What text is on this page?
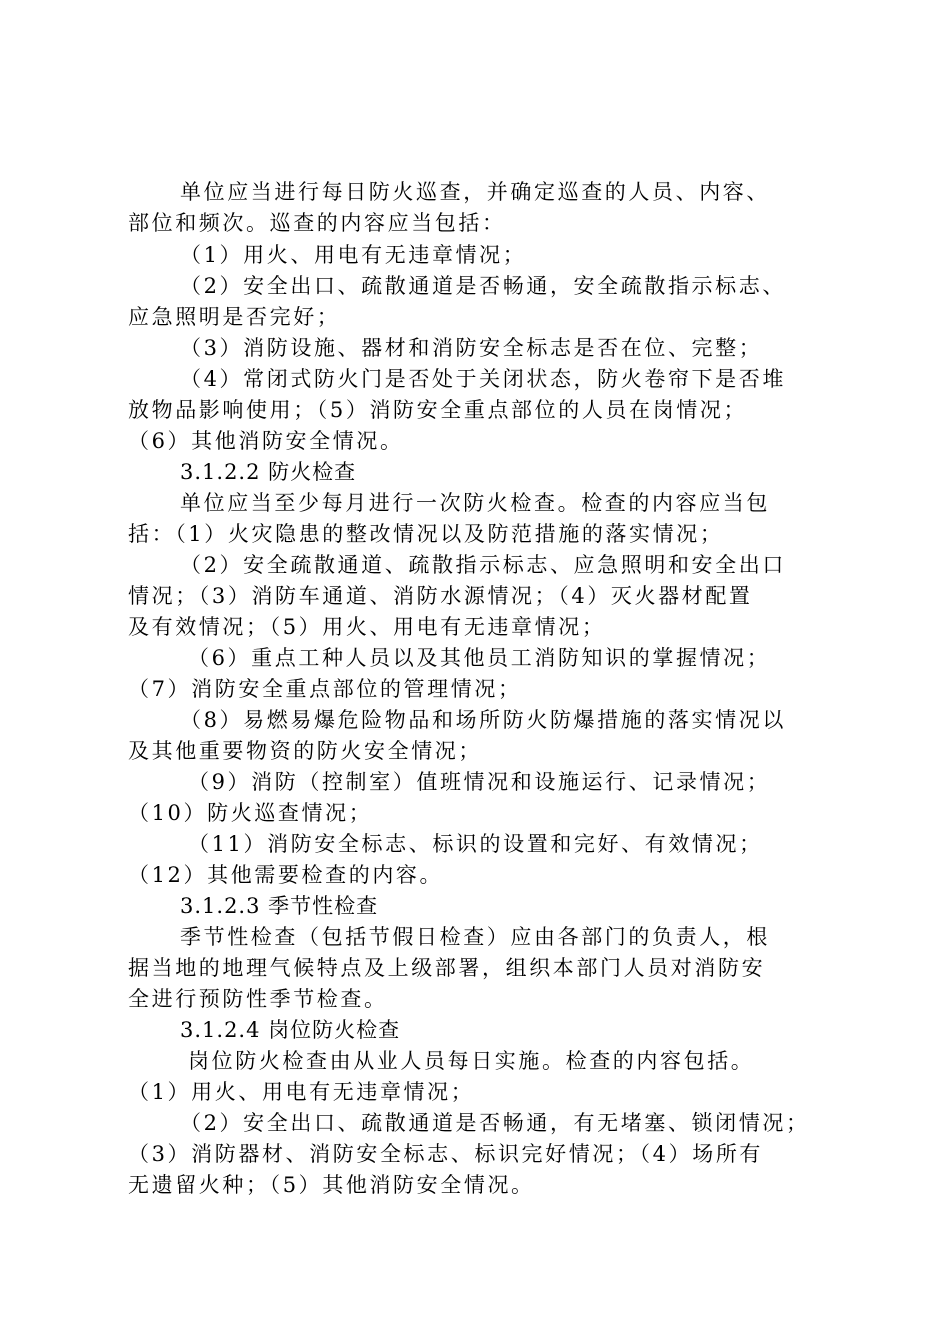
单位应当进行每日防火巡查，并确定巡查的人员、内容、
部位和频次。巡查的内容应当包括：
（1）用火、用电有无违章情况；
（2）安全出口、疏散通道是否畅通，安全疏散指示标志、
应急照明是否完好；
（3）消防设施、器材和消防安全标志是否在位、完整；
（4）常闭式防火门是否处于关闭状态，防火卷帘下是否堆
放物品影响使用；（5）消防安全重点部位的人员在岗情况；
（6）其他消防安全情况。
3.1.2.2 防火检查
单位应当至少每月进行一次防火检查。检查的内容应当包
括：（1）火灾隐患的整改情况以及防范措施的落实情况；
（2）安全疏散通道、疏散指示标志、应急照明和安全出口
情况；（3）消防车通道、消防水源情况；（4）灭火器材配置
及有效情况；（5）用火、用电有无违章情况；
（6）重点工种人员以及其他员工消防知识的掌握情况；
（7）消防安全重点部位的管理情况；
（8）易燃易爆危险物品和场所防火防爆措施的落实情况以
及其他重要物资的防火安全情况；
（9）消防（控制室）值班情况和设施运行、记录情况；
（10）防火巡查情况；
（11）消防安全标志、标识的设置和完好、有效情况；
（12）其他需要检查的内容。
3.1.2.3 季节性检查
季节性检查（包括节假日检查）应由各部门的负责人，根
据当地的地理气候特点及上级部署，组织本部门人员对消防安
全进行预防性季节检查。
3.1.2.4 岗位防火检查
岗位防火检查由从业人员每日实施。检查的内容包括。
（1）用火、用电有无违章情况；
（2）安全出口、疏散通道是否畅通，有无堵塞、锁闭情况；
（3）消防器材、消防安全标志、标识完好情况；（4）场所有
无遗留火种；（5）其他消防安全情况。
